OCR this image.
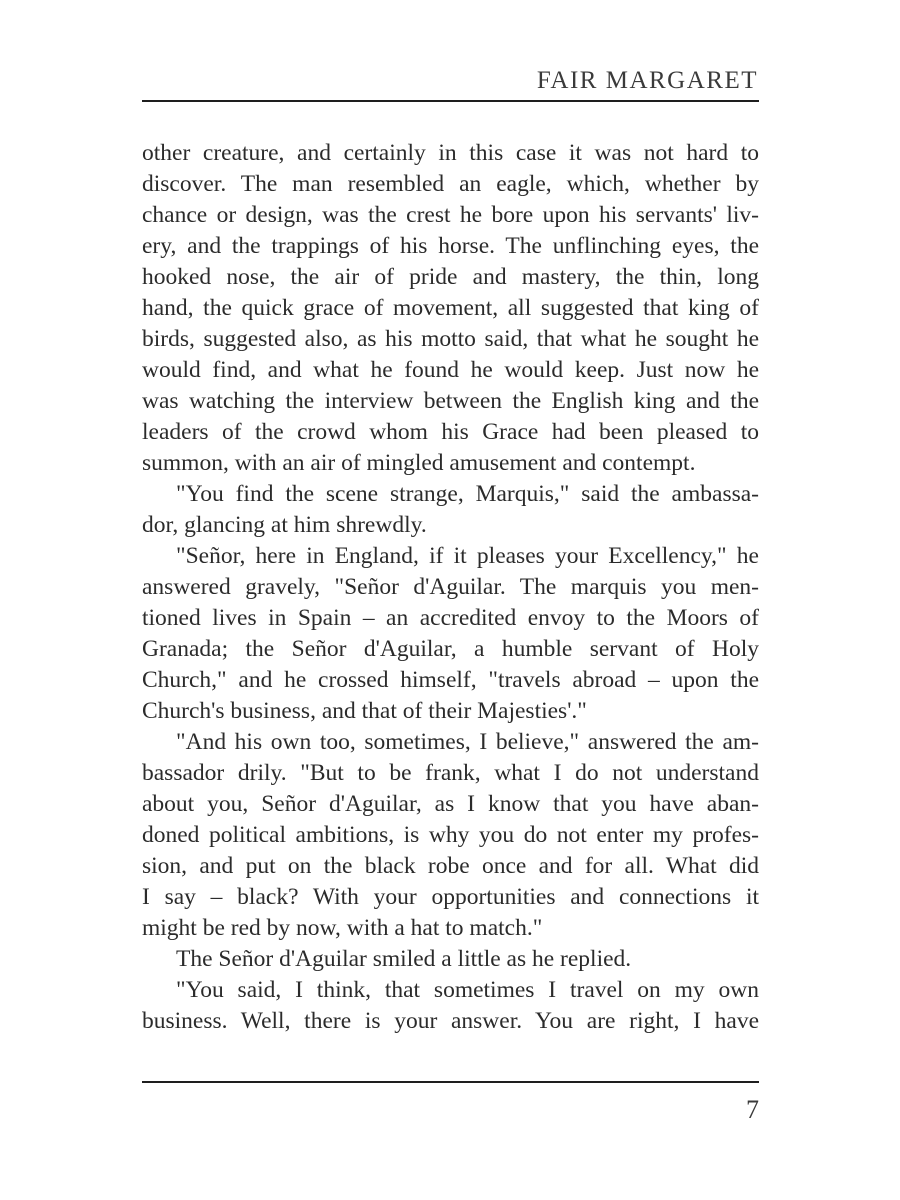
FAIR MARGARET
other creature, and certainly in this case it was not hard to
discover. The man resembled an eagle, which, whether by
chance or design, was the crest he bore upon his servants' liv-
ery, and the trappings of his horse. The unflinching eyes, the
hooked nose, the air of pride and mastery, the thin, long
hand, the quick grace of movement, all suggested that king of
birds, suggested also, as his motto said, that what he sought he
would find, and what he found he would keep. Just now he
was watching the interview between the English king and the
leaders of the crowd whom his Grace had been pleased to
summon, with an air of mingled amusement and contempt.
"You find the scene strange, Marquis," said the ambassa-
dor, glancing at him shrewdly.
"Señor, here in England, if it pleases your Excellency," he
answered gravely, "Señor d'Aguilar. The marquis you men-
tioned lives in Spain – an accredited envoy to the Moors of
Granada; the Señor d'Aguilar, a humble servant of Holy
Church," and he crossed himself, "travels abroad – upon the
Church's business, and that of their Majesties'."
"And his own too, sometimes, I believe," answered the am-
bassador drily. "But to be frank, what I do not understand
about you, Señor d'Aguilar, as I know that you have aban-
doned political ambitions, is why you do not enter my profes-
sion, and put on the black robe once and for all. What did
I say – black? With your opportunities and connections it
might be red by now, with a hat to match."
The Señor d'Aguilar smiled a little as he replied.
"You said, I think, that sometimes I travel on my own
business. Well, there is your answer. You are right, I have
7
